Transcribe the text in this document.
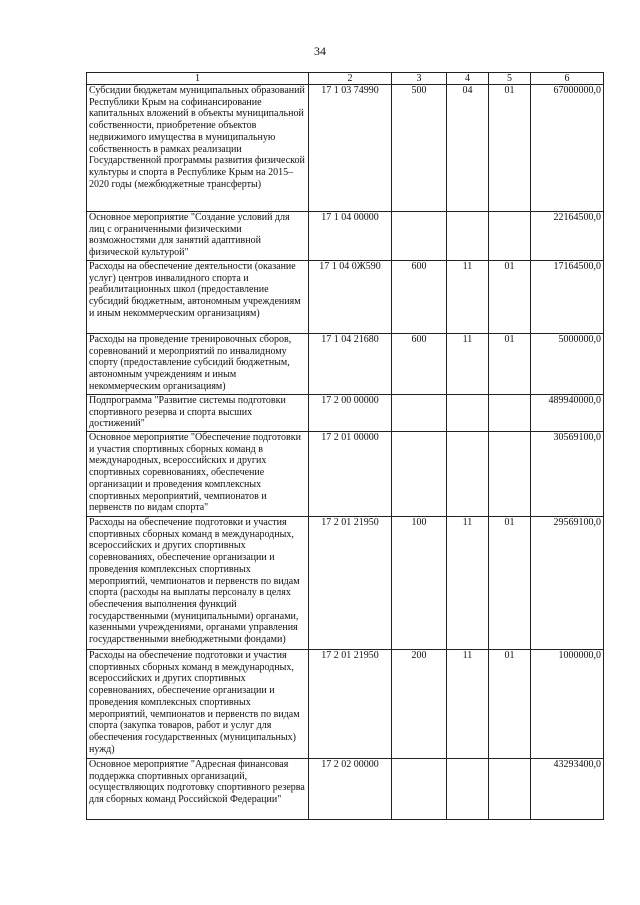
34
1	2	3	4	5	6
Субсидии бюджетам муниципальных образований Республики Крым на софинансирование капитальных вложений в объекты муниципальной собственности, приобретение объектов недвижимого имущества в муниципальную собственность в рамках реализации Государственной программы развития физической культуры и спорта в Республике Крым на 2015–2020 годы (межбюджетные трансферты)	17 1 03 74990	500	04	01	67000000,0
Основное мероприятие "Создание условий для лиц с ограниченными физическими возможностями для занятий адаптивной физической культурой"	17 1 04 00000				22164500,0
Расходы на обеспечение деятельности (оказание услуг) центров инвалидного спорта и реабилитационных школ (предоставление субсидий бюджетным, автономным учреждениям и иным некоммерческим организациям)	17 1 04 0Ж590	600	11	01	17164500,0
Расходы на проведение тренировочных сборов, соревнований и мероприятий по инвалидному спорту (предоставление субсидий бюджетным, автономным учреждениям и иным некоммерческим организациям)	17 1 04 21680	600	11	01	5000000,0
Подпрограмма "Развитие системы подготовки спортивного резерва и спорта высших достижений"	17 2 00 00000				489940000,0
Основное мероприятие "Обеспечение подготовки и участия спортивных сборных команд в международных, всероссийских и других спортивных соревнованиях, обеспечение организации и проведения комплексных спортивных мероприятий, чемпионатов и первенств по видам спорта"	17 2 01 00000				30569100,0
Расходы на обеспечение подготовки и участия спортивных сборных команд в международных, всероссийских и других спортивных соревнованиях, обеспечение организации и проведения комплексных спортивных мероприятий, чемпионатов и первенств по видам спорта (расходы на выплаты персоналу в целях обеспечения выполнения функций государственными (муниципальными) органами, казенными учреждениями, органами управления государственными внебюджетными фондами)	17 2 01 21950	100	11	01	29569100,0
Расходы на обеспечение подготовки и участия спортивных сборных команд в международных, всероссийских и других спортивных соревнованиях, обеспечение организации и проведения комплексных спортивных мероприятий, чемпионатов и первенств по видам спорта (закупка товаров, работ и услуг для обеспечения государственных (муниципальных) нужд)	17 2 01 21950	200	11	01	1000000,0
Основное мероприятие "Адресная финансовая поддержка спортивных организаций, осуществляющих подготовку спортивного резерва для сборных команд Российской Федерации"	17 2 02 00000				43293400,0
